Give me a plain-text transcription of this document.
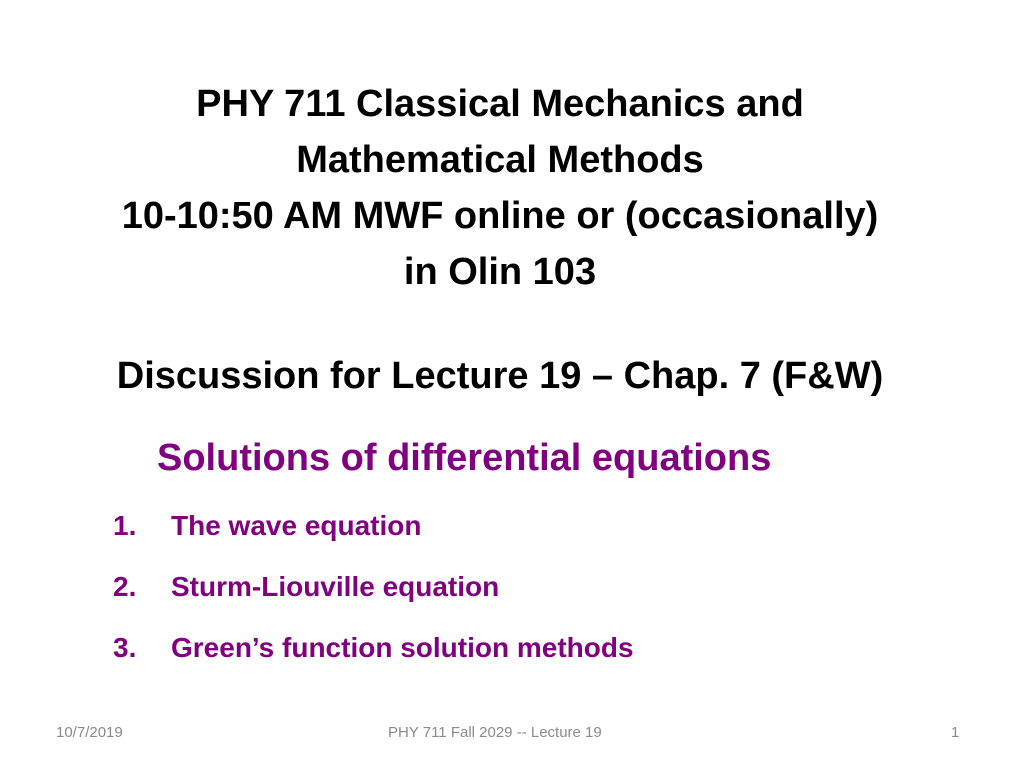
PHY 711 Classical Mechanics and
Mathematical Methods
10-10:50 AM MWF online or (occasionally)
in Olin 103
Discussion for Lecture 19 – Chap. 7 (F&W)
Solutions of differential equations
1. The wave equation
2. Sturm-Liouville equation
3. Green’s function solution methods
10/7/2019	PHY 711 Fall 2029 -- Lecture 19	1
